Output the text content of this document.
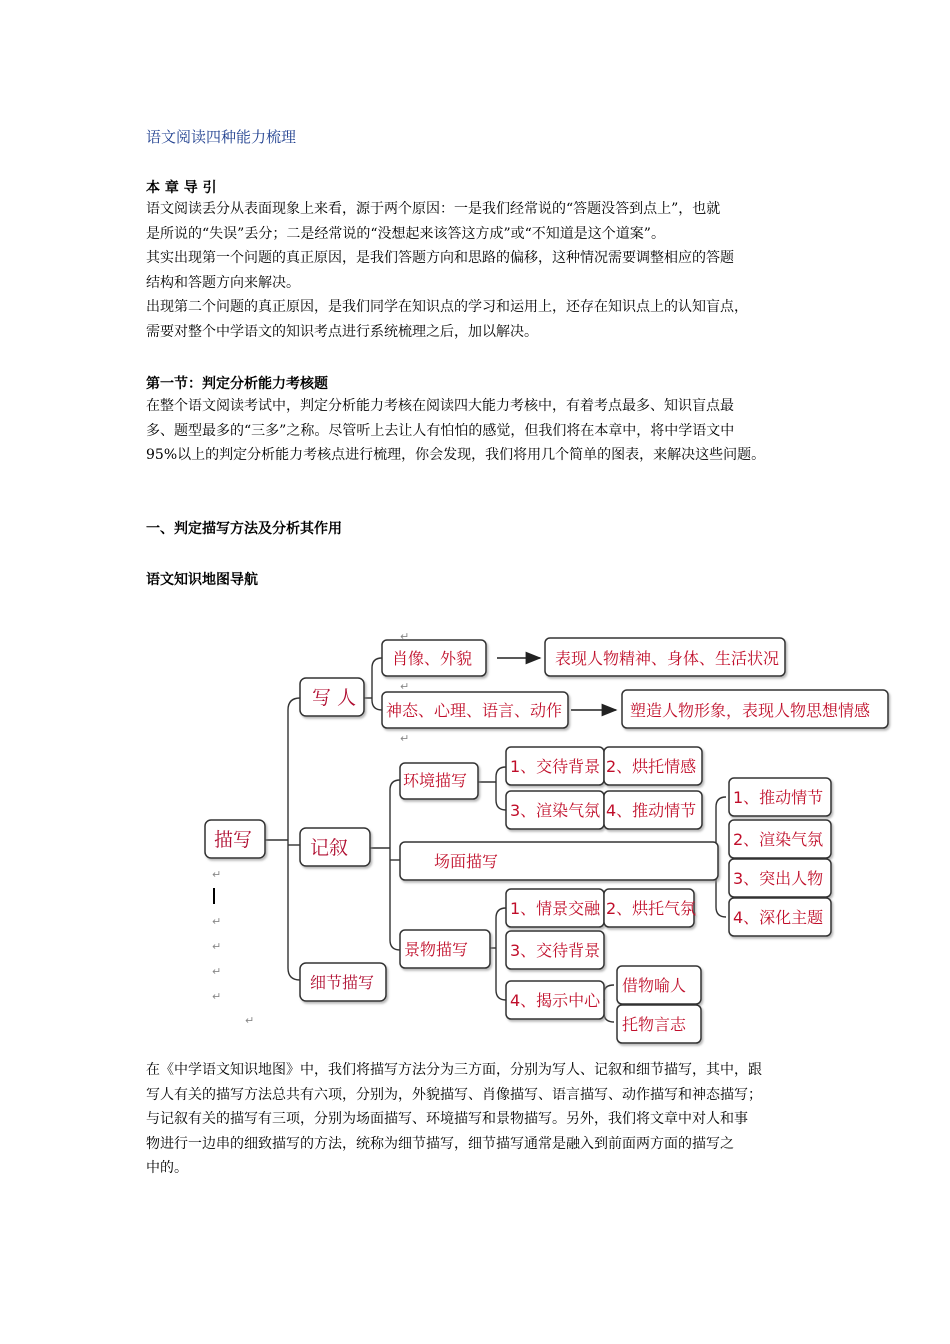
语文阅读四种能力梳理
本 章 导 引
语文阅读丢分从表面现象上来看，源于两个原因：一是我们经常说的“答题没答到点上”，也就
是所说的“失误”丢分；二是经常说的“没想起来该答这方成”或“不知道是这个道案”。
其实出现第一个问题的真正原因，是我们答题方向和思路的偏移，这种情况需要调整相应的答题
结构和答题方向来解决。
出现第二个问题的真正原因，是我们同学在知识点的学习和运用上，还存在知识点上的认知盲点，
需要对整个中学语文的知识考点进行系统梳理之后，加以解决。
第一节：判定分析能力考核题
在整个语文阅读考试中，判定分析能力考核在阅读四大能力考核中，有着考点最多、知识盲点最
多、题型最多的“三多”之称。尽管听上去让人有怕怕的感觉，但我们将在本章中，将中学语文中
95%以上的判定分析能力考核点进行梳理，你会发现，我们将用几个简单的图表，来解决这些问题。
一、判定描写方法及分析其作用
语文知识地图导航
描写
写 人
记叙
细节描写
肖像、外貌
神态、心理、语言、动作
表现人物精神、身体、生活状况
塑造人物形象，表现人物思想情感
环境描写
场面描写
景物描写
1、交待背景 2、烘托情感
3、渲染气氛 4、推动情节
1、推动情节
2、渲染气氛
3、突出人物
4、深化主题
1、情景交融 2、烘托气氛
3、交待背景
4、揭示中心
借物喻人
托物言志
↵
↵
↵
↵
↵
↵
↵
↵
↵
在《中学语文知识地图》中，我们将描写方法分为三方面，分别为写人、记叙和细节描写，其中，跟
写人有关的描写方法总共有六项，分别为，外貌描写、肖像描写、语言描写、动作描写和神态描写；
与记叙有关的描写有三项，分别为场面描写、环境描写和景物描写。另外，我们将文章中对人和事
物进行一边串的细致描写的方法，统称为细节描写，细节描写通常是融入到前面两方面的描写之
中的。
